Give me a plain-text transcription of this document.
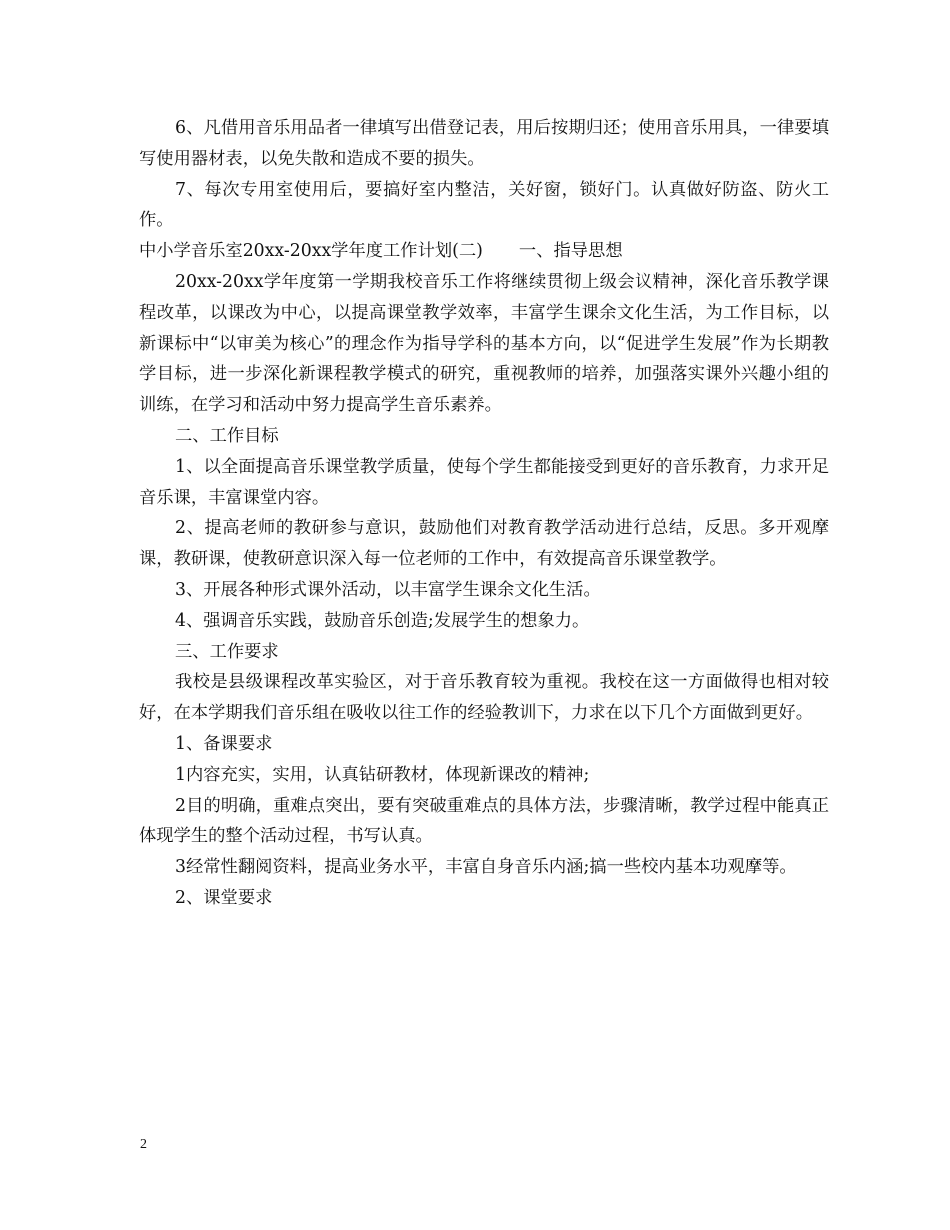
6、凡借用音乐用品者一律填写出借登记表，用后按期归还；使用音乐用具，一律要填写使用器材表，以免失散和造成不要的损失。

7、每次专用室使用后，要搞好室内整洁，关好窗，锁好门。认真做好防盗、防火工作。

中小学音乐室20xx-20xx学年度工作计划(二) 一、指导思想

20xx-20xx学年度第一学期我校音乐工作将继续贯彻上级会议精神，深化音乐教学课程改革，以课改为中心，以提高课堂教学效率，丰富学生课余文化生活，为工作目标，以新课标中“以审美为核心”的理念作为指导学科的基本方向，以“促进学生发展”作为长期教学目标，进一步深化新课程教学模式的研究，重视教师的培养，加强落实课外兴趣小组的训练，在学习和活动中努力提高学生音乐素养。

二、工作目标

1、以全面提高音乐课堂教学质量，使每个学生都能接受到更好的音乐教育，力求开足音乐课，丰富课堂内容。

2、提高老师的教研参与意识，鼓励他们对教育教学活动进行总结，反思。多开观摩课，教研课，使教研意识深入每一位老师的工作中，有效提高音乐课堂教学。

3、开展各种形式课外活动，以丰富学生课余文化生活。

4、强调音乐实践，鼓励音乐创造;发展学生的想象力。

三、工作要求

我校是县级课程改革实验区，对于音乐教育较为重视。我校在这一方面做得也相对较好，在本学期我们音乐组在吸收以往工作的经验教训下，力求在以下几个方面做到更好。

1、备课要求

1内容充实，实用，认真钻研教材，体现新课改的精神;

2目的明确，重难点突出，要有突破重难点的具体方法，步骤清晰，教学过程中能真正体现学生的整个活动过程，书写认真。

3经常性翻阅资料，提高业务水平，丰富自身音乐内涵;搞一些校内基本功观摩等。

2、课堂要求

2
